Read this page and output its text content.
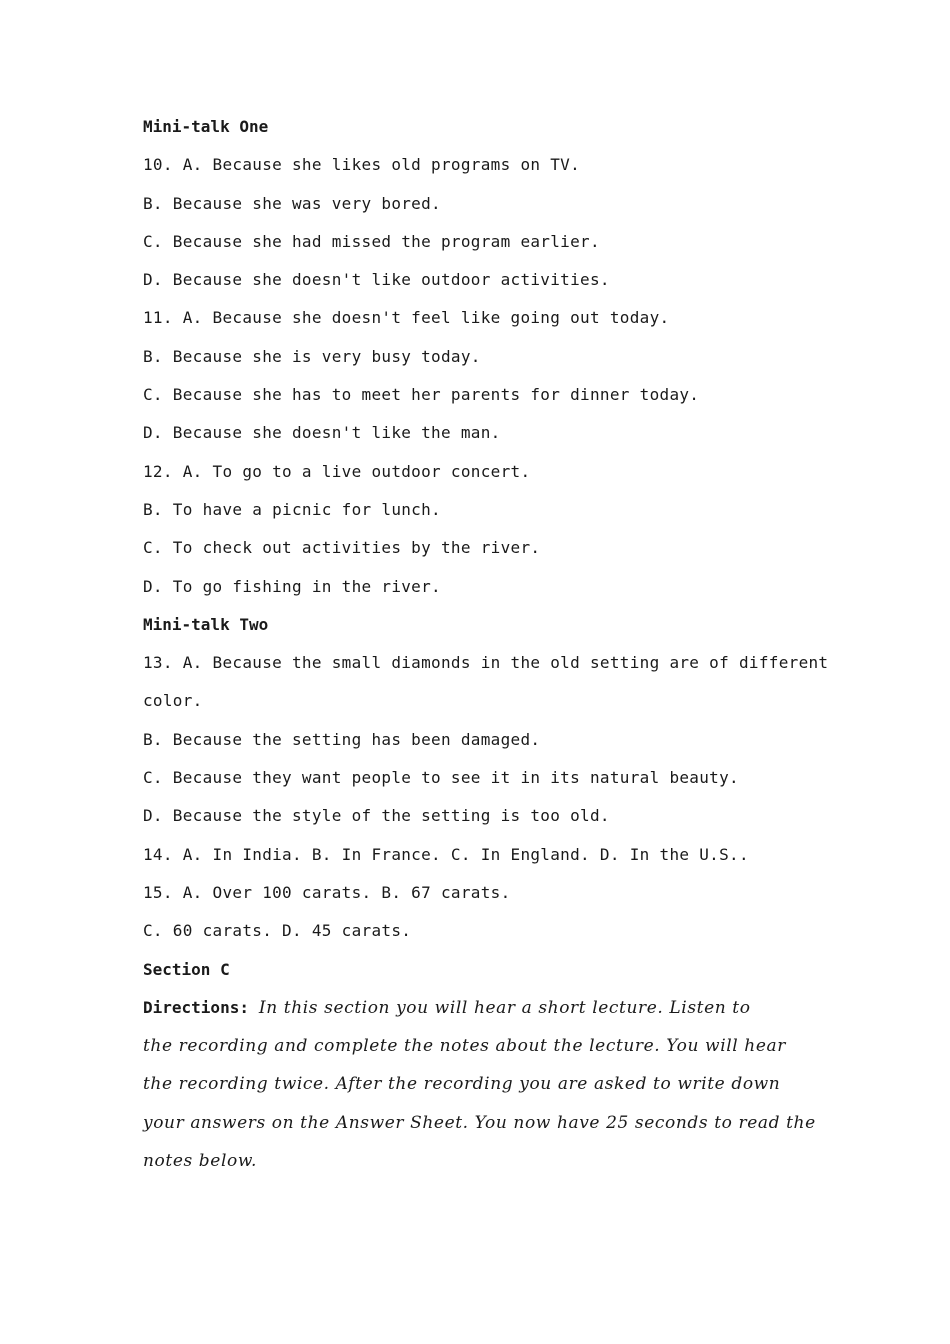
Mini-talk One
10. A. Because she likes old programs on TV.
B. Because she was very bored.
C. Because she had missed the program earlier.
D. Because she doesn't like outdoor activities.
11. A. Because she doesn't feel like going out today.
B. Because she is very busy today.
C. Because she has to meet her parents for dinner today.
D. Because she doesn't like the man.
12. A. To go to a live outdoor concert.
B. To have a picnic for lunch.
C. To check out activities by the river.
D. To go fishing in the river.
Mini-talk Two
13. A. Because the small diamonds in the old setting are of different
color.
B. Because the setting has been damaged.
C. Because they want people to see it in its natural beauty.
D. Because the style of the setting is too old.
14. A. In India. B. In France. C. In England. D. In the U.S..
15. A. Over 100 carats. B. 67 carats.
C. 60 carats. D. 45 carats.
Section C
Directions: In this section you will hear a short lecture. Listen to
the recording and complete the notes about the lecture. You will hear
the recording twice. After the recording you are asked to write down
your answers on the Answer Sheet. You now have 25 seconds to read the
notes below.
